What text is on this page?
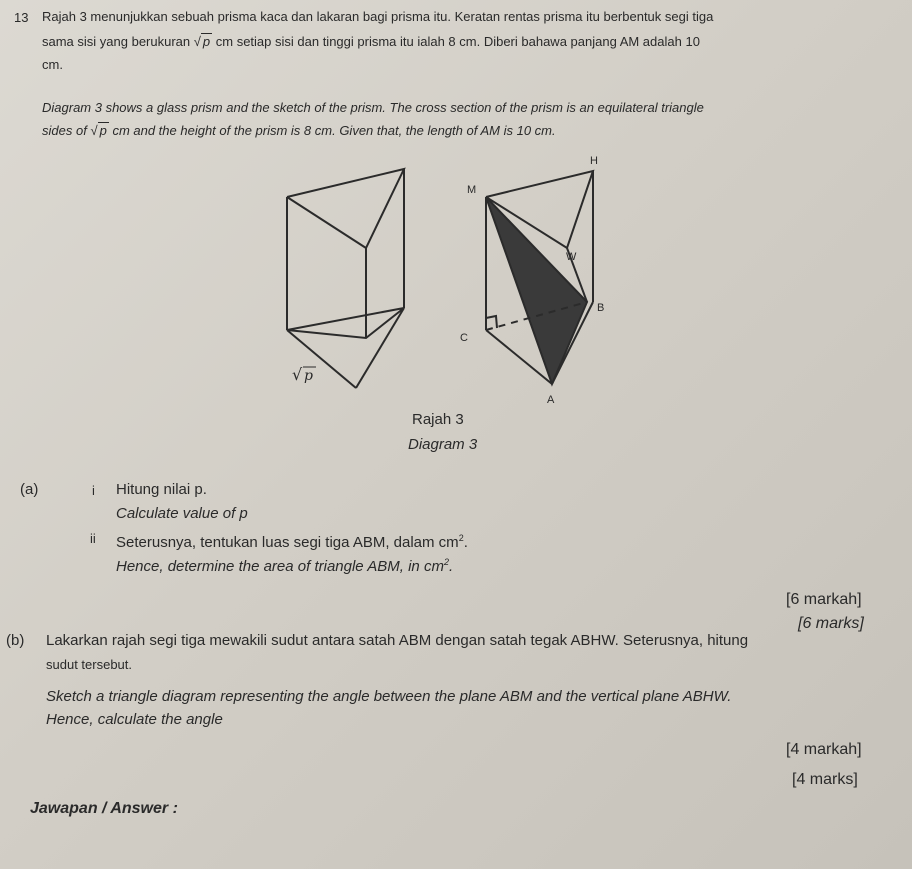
13 Rajah 3 menunjukkan sebuah prisma kaca dan lakaran bagi prisma itu. Keratan rentas prisma itu berbentuk segi tiga
sama sisi yang berukuran √ p cm setiap sisi dan tinggi prisma itu ialah 8 cm. Diberi bahawa panjang AM adalah 10
cm.
Diagram 3 shows a glass prism and the sketch of the prism. The cross section of the prism is an equilateral triangle
sides of √ p cm and the height of the prism is 8 cm. Given that, the length of AM is 10 cm.
√ p
H
M
W
B
C
A
Rajah 3
Diagram 3
(a)	i Hitung nilai p.
Calculate value of p
ii Seterusnya, tentukan luas segi tiga ABM, dalam $cm^2$.
Hence, determine the area of triangle ABM, in $cm^2$.
[6 markah]
[6 marks]
(b) Lakarkan rajah segi tiga mewakili sudut antara satah ABM dengan satah tegak ABHW. Seterusnya, hitung
sudut tersebut.
Sketch a triangle diagram representing the angle between the plane ABM and the vertical plane ABHW.
Hence, calculate the angle
[4 markah]
[4 marks]
Jawapan / Answer :
